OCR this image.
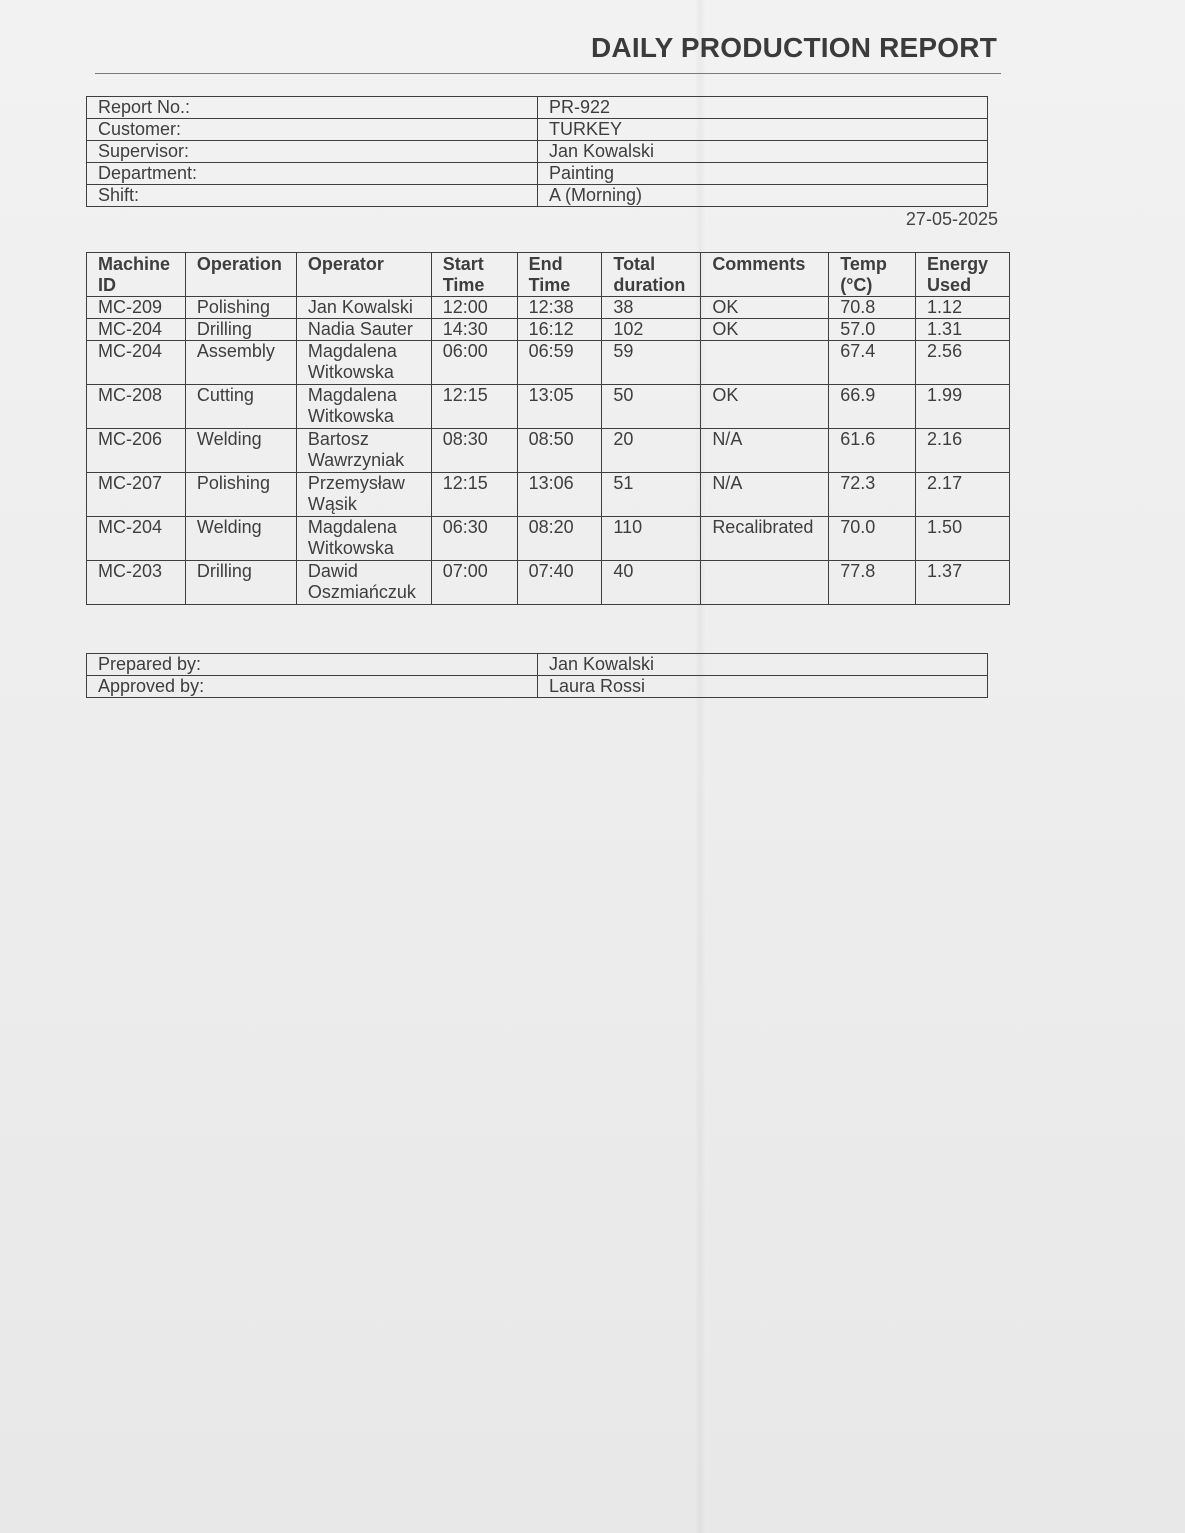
DAILY PRODUCTION REPORT
Report No.:	PR-922
Customer:	TURKEY
Supervisor:	Jan Kowalski
Department:	Painting
Shift:	A (Morning)
27-05-2025
Machine ID	Operation	Operator	Start Time	End Time	Total duration	Comments	Temp (°C)	Energy Used
MC-209	Polishing	Jan Kowalski	12:00	12:38	38	OK	70.8	1.12
MC-204	Drilling	Nadia Sauter	14:30	16:12	102	OK	57.0	1.31
MC-204	Assembly	Magdalena Witkowska	06:00	06:59	59		67.4	2.56
MC-208	Cutting	Magdalena Witkowska	12:15	13:05	50	OK	66.9	1.99
MC-206	Welding	Bartosz Wawrzyniak	08:30	08:50	20	N/A	61.6	2.16
MC-207	Polishing	Przemysław Wąsik	12:15	13:06	51	N/A	72.3	2.17
MC-204	Welding	Magdalena Witkowska	06:30	08:20	110	Recalibrated	70.0	1.50
MC-203	Drilling	Dawid Oszmiańczuk	07:00	07:40	40		77.8	1.37
Prepared by:	Jan Kowalski
Approved by:	Laura Rossi
